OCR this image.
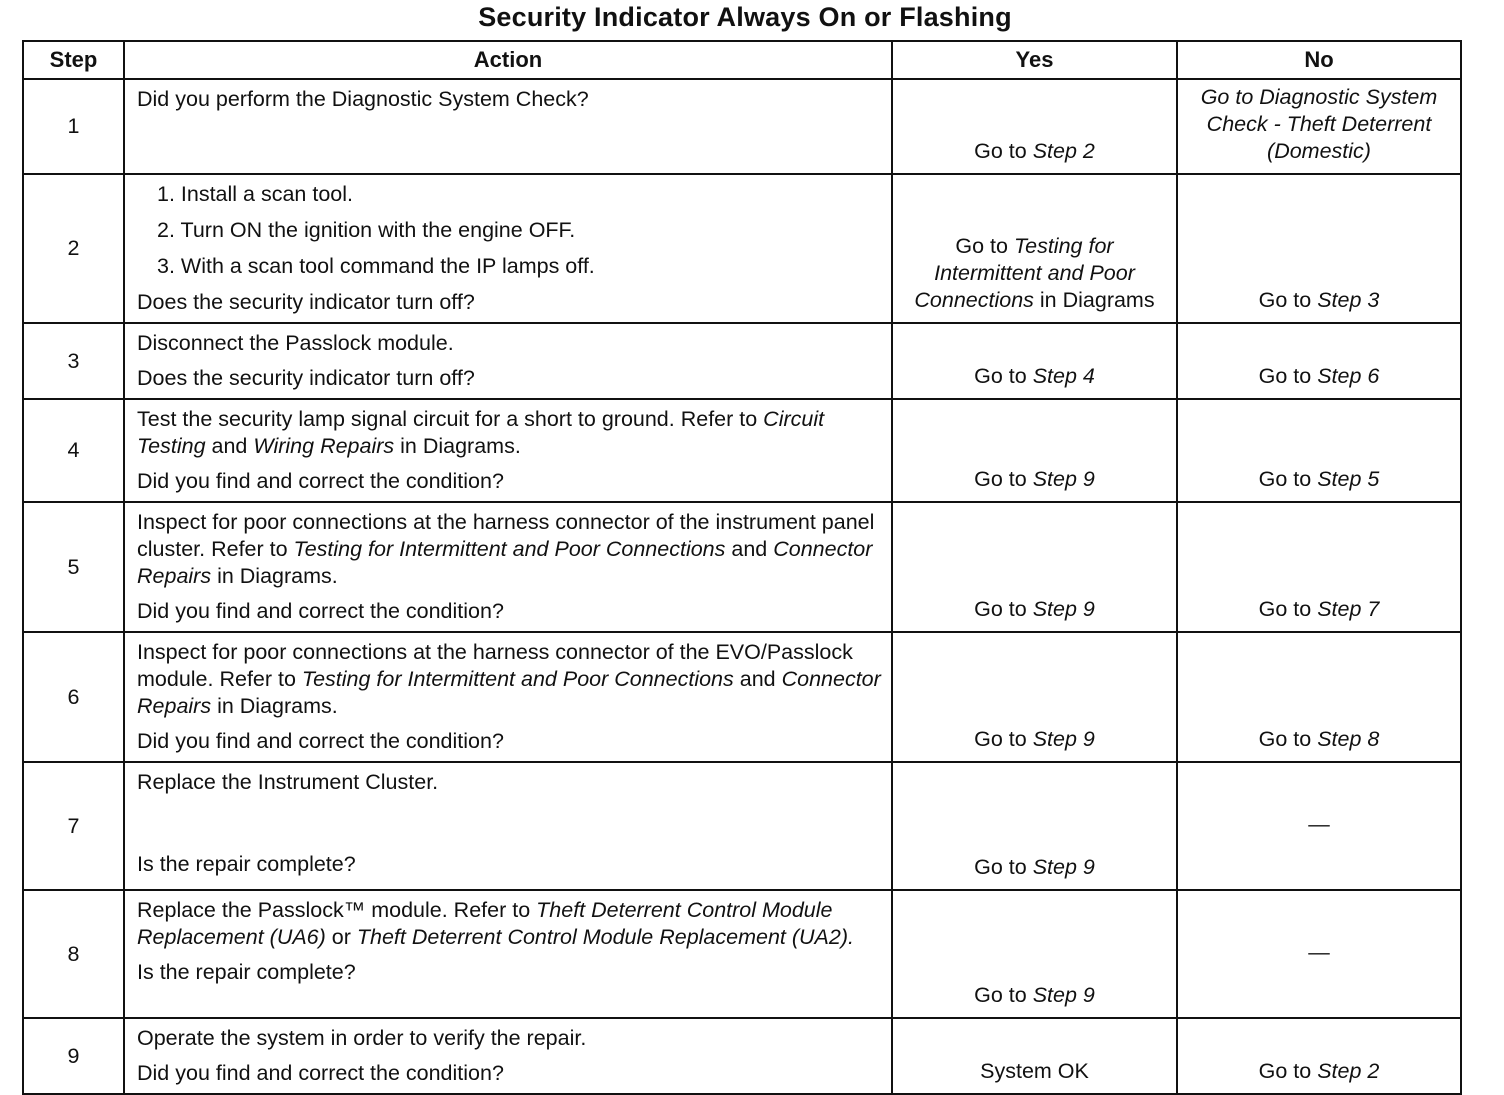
Security Indicator Always On or Flashing
Step	Action	Yes	No
1	Did you perform the Diagnostic System Check?	Go to Step 2	Go to Diagnostic System Check - Theft Deterrent (Domestic)
2	1. Install a scan tool.
2. Turn ON the ignition with the engine OFF.
3. With a scan tool command the IP lamps off.

Does the security indicator turn off?	Go to Testing for Intermittent and Poor Connections in Diagrams	Go to Step 3
3	Disconnect the Passlock module.

Does the security indicator turn off?	Go to Step 4	Go to Step 6
4	Test the security lamp signal circuit for a short to ground. Refer to Circuit Testing and Wiring Repairs in Diagrams.

Did you find and correct the condition?	Go to Step 9	Go to Step 5
5	Inspect for poor connections at the harness connector of the instrument panel cluster. Refer to Testing for Intermittent and Poor Connections and Connector Repairs in Diagrams.

Did you find and correct the condition?	Go to Step 9	Go to Step 7
6	Inspect for poor connections at the harness connector of the EVO/Passlock module. Refer to Testing for Intermittent and Poor Connections and Connector Repairs in Diagrams.

Did you find and correct the condition?	Go to Step 9	Go to Step 8
7	Replace the Instrument Cluster.

Is the repair complete?	Go to Step 9	—
8	Replace the Passlock™ module. Refer to Theft Deterrent Control Module Replacement (UA6) or Theft Deterrent Control Module Replacement (UA2).

Is the repair complete?	Go to Step 9	—
9	Operate the system in order to verify the repair.

Did you find and correct the condition?	System OK	Go to Step 2
